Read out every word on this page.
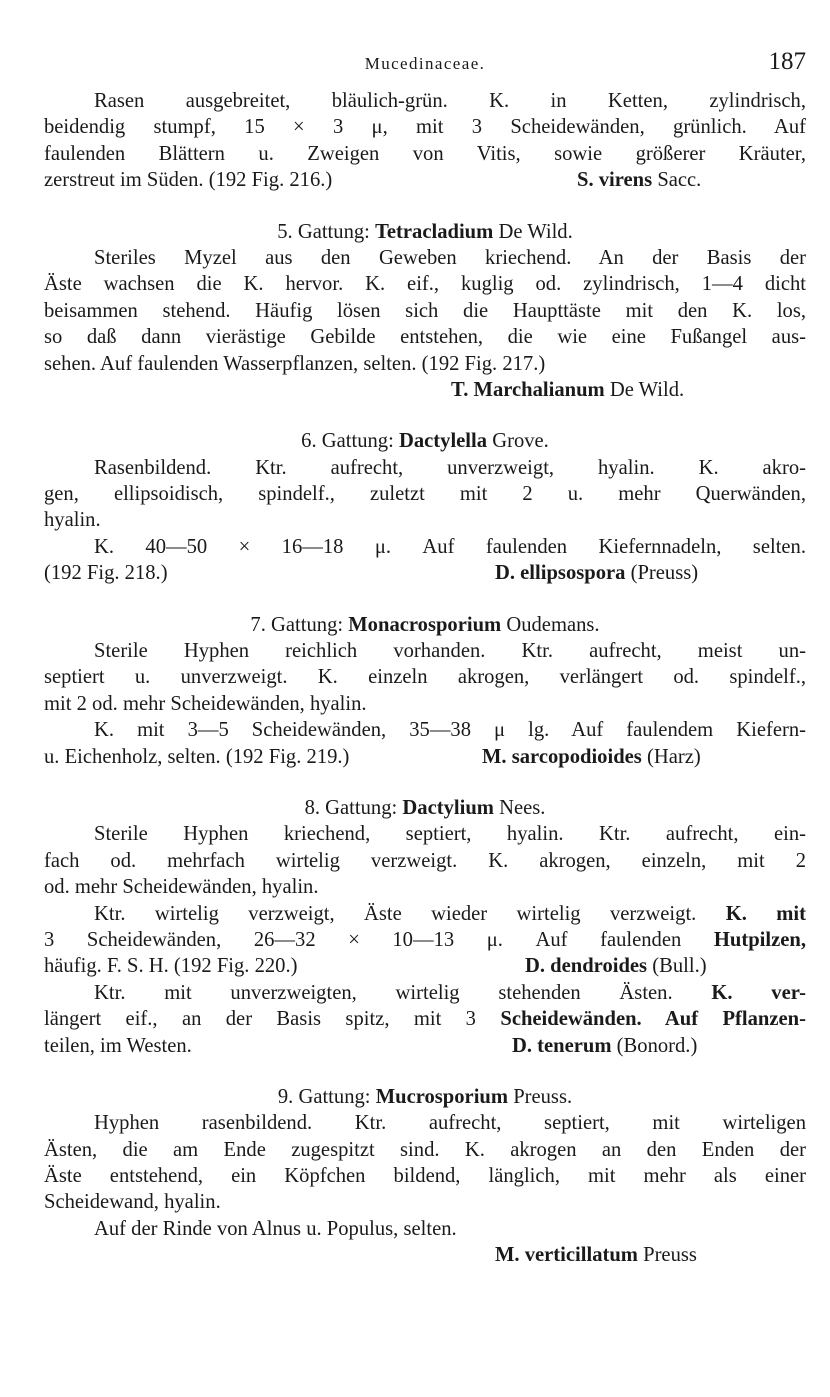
Mucedinaceae.	187
Rasen ausgebreitet, bläulich-grün. K. in Ketten, zylindrisch,
beidendig stumpf, 15 × 3 μ, mit 3 Scheidewänden, grünlich. Auf
faulenden Blättern u. Zweigen von Vitis, sowie größerer Kräuter,
zerstreut im Süden. (192 Fig. 216.)	S. virens Sacc.
5. Gattung: Tetracladium De Wild.
Steriles Myzel aus den Geweben kriechend. An der Basis der
Äste wachsen die K. hervor. K. eif., kuglig od. zylindrisch, 1—4 dicht
beisammen stehend. Häufig lösen sich die Haupttäste mit den K. los,
so daß dann vierästige Gebilde entstehen, die wie eine Fußangel aus-
sehen. Auf faulenden Wasserpflanzen, selten. (192 Fig. 217.)
T. Marchalianum De Wild.
6. Gattung: Dactylella Grove.
Rasenbildend. Ktr. aufrecht, unverzweigt, hyalin. K. akro-
gen, ellipsoidisch, spindelf., zuletzt mit 2 u. mehr Querwänden,
hyalin.
K. 40—50 × 16—18 μ. Auf faulenden Kiefernnadeln, selten.
(192 Fig. 218.)	D. ellipsospora (Preuss)
7. Gattung: Monacrosporium Oudemans.
Sterile Hyphen reichlich vorhanden. Ktr. aufrecht, meist un-
septiert u. unverzweigt. K. einzeln akrogen, verlängert od. spindelf.,
mit 2 od. mehr Scheidewänden, hyalin.
K. mit 3—5 Scheidewänden, 35—38 μ lg. Auf faulendem Kiefern-
u. Eichenholz, selten. (192 Fig. 219.)	M. sarcopodioides (Harz)
8. Gattung: Dactylium Nees.
Sterile Hyphen kriechend, septiert, hyalin. Ktr. aufrecht, ein-
fach od. mehrfach wirtelig verzweigt. K. akrogen, einzeln, mit 2
od. mehr Scheidewänden, hyalin.
Ktr. wirtelig verzweigt, Äste wieder wirtelig verzweigt. K. mit
3 Scheidewänden, 26—32 × 10—13 μ. Auf faulenden Hutpilzen,
häufig. F. S. H. (192 Fig. 220.)	D. dendroides (Bull.)
Ktr. mit unverzweigten, wirtelig stehenden Ästen. K. ver-
längert eif., an der Basis spitz, mit 3 Scheidewänden. Auf Pflanzen-
teilen, im Westen.	D. tenerum (Bonord.)
9. Gattung: Mucrosporium Preuss.
Hyphen rasenbildend. Ktr. aufrecht, septiert, mit wirteligen
Ästen, die am Ende zugespitzt sind. K. akrogen an den Enden der
Äste entstehend, ein Köpfchen bildend, länglich, mit mehr als einer
Scheidewand, hyalin.
Auf der Rinde von Alnus u. Populus, selten.
M. verticillatum Preuss
